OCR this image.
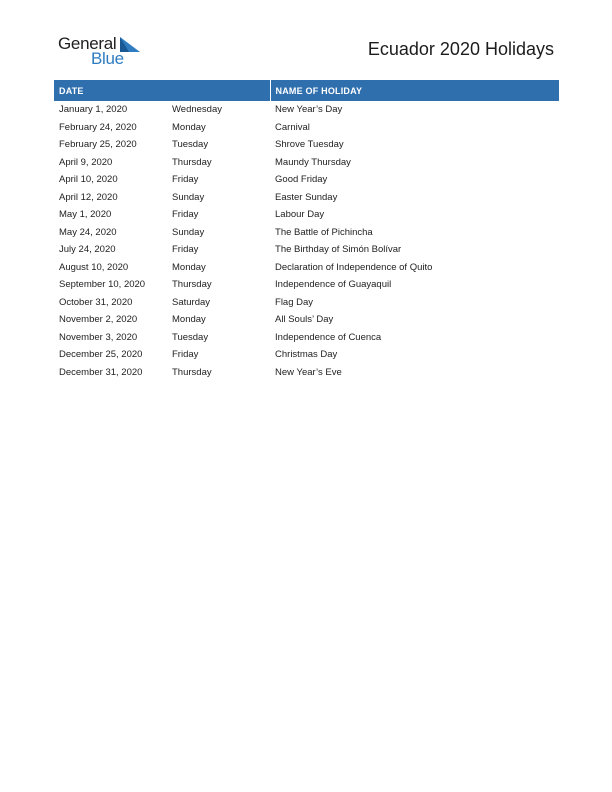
General
Blue	Ecuador 2020 Holidays
DATE		NAME OF HOLIDAY
January 1, 2020	Wednesday	New Year’s Day
February 24, 2020	Monday	Carnival
February 25, 2020	Tuesday	Shrove Tuesday
April 9, 2020	Thursday	Maundy Thursday
April 10, 2020	Friday	Good Friday
April 12, 2020	Sunday	Easter Sunday
May 1, 2020	Friday	Labour Day
May 24, 2020	Sunday	The Battle of Pichincha
July 24, 2020	Friday	The Birthday of Simón Bolívar
August 10, 2020	Monday	Declaration of Independence of Quito
September 10, 2020	Thursday	Independence of Guayaquil
October 31, 2020	Saturday	Flag Day
November 2, 2020	Monday	All Souls’ Day
November 3, 2020	Tuesday	Independence of Cuenca
December 25, 2020	Friday	Christmas Day
December 31, 2020	Thursday	New Year’s Eve
